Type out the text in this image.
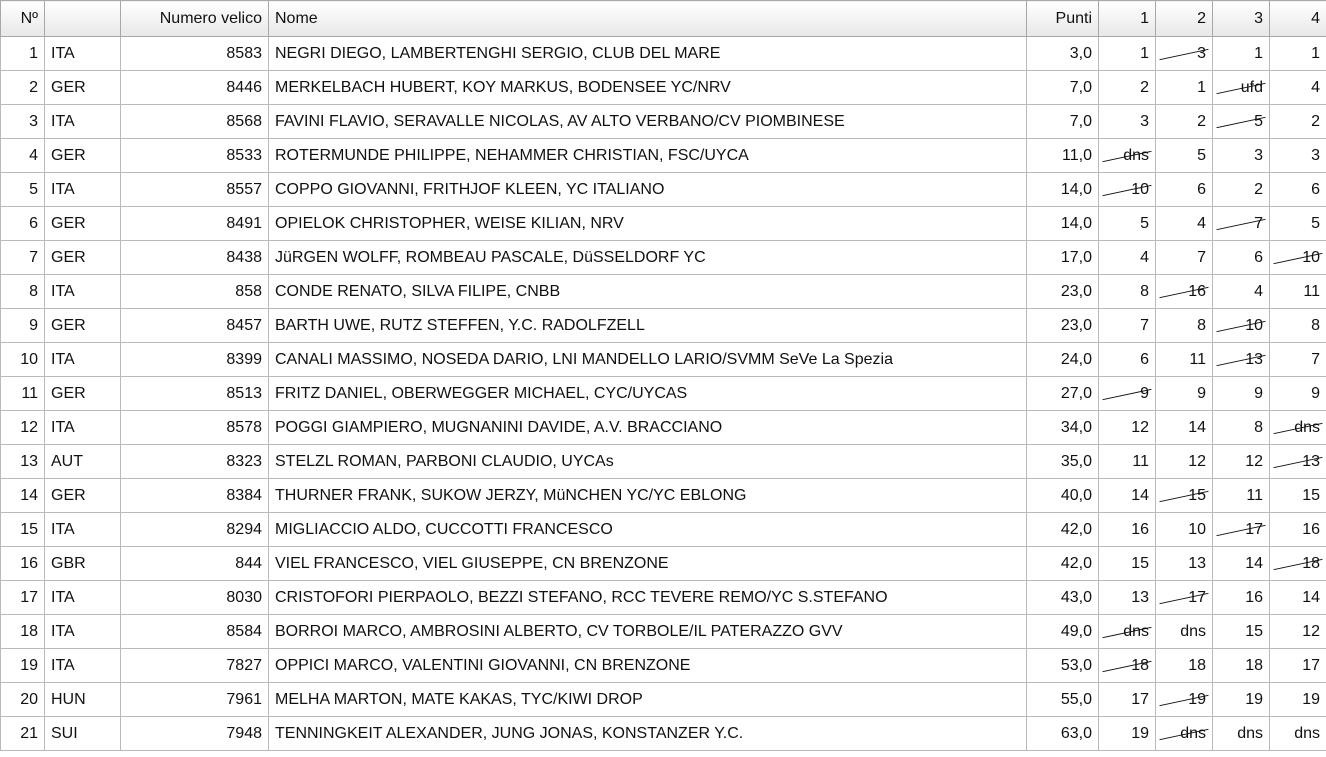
Nº		Numero velico	Nome	Punti	1	2	3	4
1	ITA	8583	NEGRI DIEGO, LAMBERTENGHI SERGIO, CLUB DEL MARE	3,0	1	3	1	1
2	GER	8446	MERKELBACH HUBERT, KOY MARKUS, BODENSEE YC/NRV	7,0	2	1	ufd	4
3	ITA	8568	FAVINI FLAVIO, SERAVALLE NICOLAS, AV ALTO VERBANO/CV PIOMBINESE	7,0	3	2	5	2
4	GER	8533	ROTERMUNDE PHILIPPE, NEHAMMER CHRISTIAN, FSC/UYCA	11,0	dns	5	3	3
5	ITA	8557	COPPO GIOVANNI, FRITHJOF KLEEN, YC ITALIANO	14,0	10	6	2	6
6	GER	8491	OPIELOK CHRISTOPHER, WEISE KILIAN, NRV	14,0	5	4	7	5
7	GER	8438	JüRGEN WOLFF, ROMBEAU PASCALE, DüSSELDORF YC	17,0	4	7	6	10
8	ITA	858	CONDE RENATO, SILVA FILIPE, CNBB	23,0	8	16	4	11
9	GER	8457	BARTH UWE, RUTZ STEFFEN, Y.C. RADOLFZELL	23,0	7	8	10	8
10	ITA	8399	CANALI MASSIMO, NOSEDA DARIO, LNI MANDELLO LARIO/SVMM SeVe La Spezia	24,0	6	11	13	7
11	GER	8513	FRITZ DANIEL, OBERWEGGER MICHAEL, CYC/UYCAS	27,0	9	9	9	9
12	ITA	8578	POGGI GIAMPIERO, MUGNANINI DAVIDE, A.V. BRACCIANO	34,0	12	14	8	dns
13	AUT	8323	STELZL ROMAN, PARBONI CLAUDIO, UYCAs	35,0	11	12	12	13
14	GER	8384	THURNER FRANK, SUKOW JERZY, MüNCHEN YC/YC EBLONG	40,0	14	15	11	15
15	ITA	8294	MIGLIACCIO ALDO, CUCCOTTI FRANCESCO	42,0	16	10	17	16
16	GBR	844	VIEL FRANCESCO, VIEL GIUSEPPE, CN BRENZONE	42,0	15	13	14	18
17	ITA	8030	CRISTOFORI PIERPAOLO, BEZZI STEFANO, RCC TEVERE REMO/YC S.STEFANO	43,0	13	17	16	14
18	ITA	8584	BORROI MARCO, AMBROSINI ALBERTO, CV TORBOLE/IL PATERAZZO GVV	49,0	dns	dns	15	12
19	ITA	7827	OPPICI MARCO, VALENTINI GIOVANNI, CN BRENZONE	53,0	18	18	18	17
20	HUN	7961	MELHA MARTON, MATE KAKAS, TYC/KIWI DROP	55,0	17	19	19	19
21	SUI	7948	TENNINGKEIT ALEXANDER, JUNG JONAS, KONSTANZER Y.C.	63,0	19	dns	dns	dns
